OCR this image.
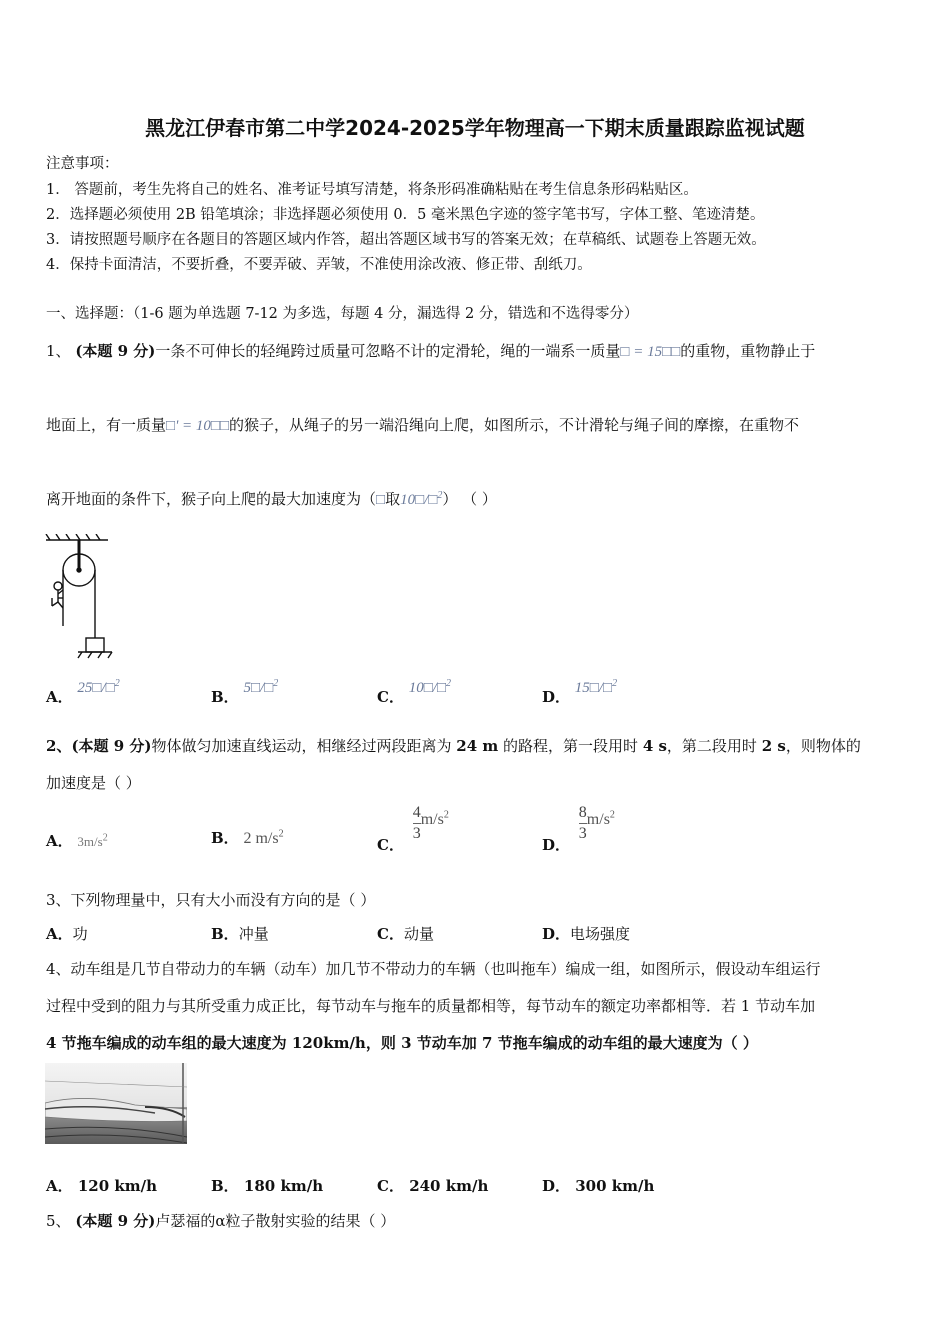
黑龙江伊春市第二中学2024-2025学年物理高一下期末质量跟踪监视试题
注意事项：
1． 答题前，考生先将自己的姓名、准考证号填写清楚，将条形码准确粘贴在考生信息条形码粘贴区。
2．选择题必须使用 2B 铅笔填涂；非选择题必须使用 0．5 毫米黑色字迹的签字笔书写，字体工整、笔迹清楚。
3．请按照题号顺序在各题目的答题区域内作答，超出答题区域书写的答案无效；在草稿纸、试题卷上答题无效。
4．保持卡面清洁，不要折叠，不要弄破、弄皱，不准使用涂改液、修正带、刮纸刀。
一、选择题：（1-6 题为单选题 7-12 为多选，每题 4 分，漏选得 2 分，错选和不选得零分）
1、 (本题 9 分)一条不可伸长的轻绳跨过质量可忽略不计的定滑轮，绳的一端系一质量□ = 15□□的重物，重物静止于
地面上，有一质量□' = 10□□的猴子，从绳子的另一端沿绳向上爬，如图所示，不计滑轮与绳子间的摩擦，在重物不
离开地面的条件下，猴子向上爬的最大加速度为（□取10□/□$^2$） （ ）
A． 25□/□$^2$
B． 5□/□$^2$
C． 10□/□$^2$
D． 15□/□$^2$
2、(本题 9 分)物体做匀加速直线运动，相继经过两段距离为 24 m 的路程，第一段用时 4 s，第二段用时 2 s，则物体的
加速度是（ ）
A． $3m/s^2$	B． 2 $m/s^2$
C．
$\frac{4}{3} m/s^2$
D．
$\frac{8}{3} m/s^2$
3、下列物理量中，只有大小而没有方向的是（ ）
A．功	B．冲量	C．动量	D．电场强度
4、动车组是几节自带动力的车辆（动车）加几节不带动力的车辆（也叫拖车）编成一组，如图所示，假设动车组运行
过程中受到的阻力与其所受重力成正比，每节动车与拖车的质量都相等，每节动车的额定功率都相等．若 1 节动车加
4 节拖车编成的动车组的最大速度为 120km/h，则 3 节动车加 7 节拖车编成的动车组的最大速度为（ ）
A． 120 km/h	B． 180 km/h	C． 240 km/h	D． 300 km/h
5、 (本题 9 分)卢瑟福的α粒子散射实验的结果（ ）
